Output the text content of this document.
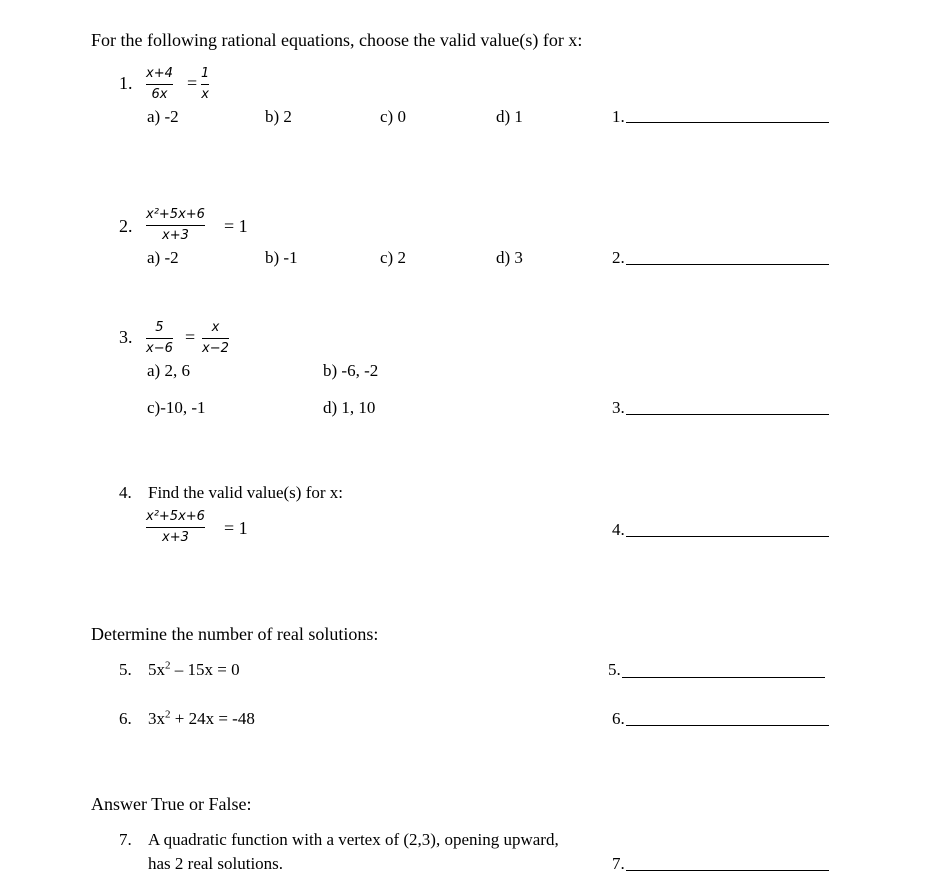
For the following rational equations, choose the valid value(s) for x:
1. x+4
6x
= 1
x
a) -2	b) 2	c) 0	d) 1	1.
2.
x²+5x+6
x+3 = 1
a) -2	b) -1	c) 2	d) 3	2.
3. 5
x−6
= x
x−2
a) 2, 6	b) -6, -2
c)-10, -1	d) 1, 10	3.
4. Find the valid value(s) for x:
x²+5x+6
x+3 = 1	4.
Determine the number of real solutions:
5. $5x^2 - 15x = 0$	5.
6. $3x^2 + 24x = -48$	6.
Answer True or False:
7. A quadratic function with a vertex of (2,3), opening upward,
has 2 real solutions.	7.
